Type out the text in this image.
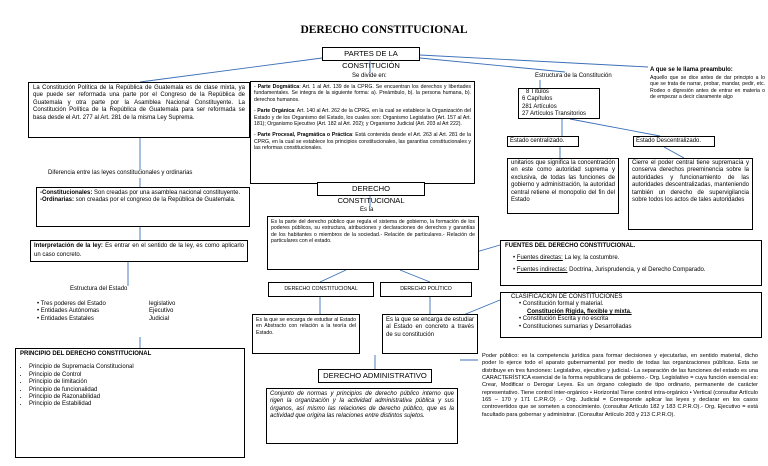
DERECHO CONSTITUCIONAL
PARTES DE LA CONSTITUCIÓN
Se divide en:	Estructura de la Constitución
A que se le llama preambulo:
Aquello que se dice antes de dar principio a lo que se trata de narrar, probar, mandar, pedir, etc. Rodeo o digresión antes de entrar en materia o de empezar a decir claramente algo
La Constitución Política de la República de Guatemala es de clase mixta, ya que puede ser reformada una parte por el Congreso de la República de Guatemala y otra parte por la Asamblea Nacional Constituyente. La Constitución Política de la República de Guatemala para ser reformada se basa desde el Art. 277 al Art. 281 de la misma Ley Suprema.
- Parte Dogmática: Art. 1 al Art. 139 de la CPRG. Se encuentran los derechos y libertades fundamentales. Se integra de la siguiente forma: a). Preámbulo, b). la persona humana, b). derechos humanos.
- Parte Orgánica: Art. 140 al Art. 262 de la CPRG, en la cual se establece la Organización del Estado y de los Organismo del Estado, los cuales son: Organismo Legislativo (Art. 157 al Art. 181); Organismo Ejecutivo (Art. 182 al Art. 202); y Organismo Judicial (Art. 203 al Art 222).
- Parte Procesal, Pragmática o Práctica: Está contenida desde el Art. 263 al Art. 281 de la CPRG, en la cual se establece los principios constitucionales, las garantías constitucionales y las reformas constitucionales.
8 Títulos
6 Capítulos
281 Artículos
27 Artículos Transitorios
Estado centralizado.	Estado Descentralizado.
unitarios que significa la concentración en este como autoridad suprema y exclusiva, de todas las funciones de gobierno y administración, la autoridad central retiene el monopolio del fin del Estado
Cierre el poder central tiene supremacía y conserva derechos preeminencia sobre la autoridades y funcionamiento de las autoridades descentralizadas, manteniendo también un derecho de supervigilancia sobre todos los actos de tales autoridades
Diferencia entre las leyes constitucionales y ordinarias
-Constitucionales: Son creadas por una asamblea nacional constituyente.
-Ordinarias: son creadas por el congreso de la República de Guatemala.
Interpretación de la ley: Es entrar en el sentido de la ley, es como aplicarlo un caso concreto.
Estructura del Estado
• Tres poderes del Estado	legislativo
• Entidades Autónomas	Ejecutivo
• Entidades Estatales	Judicial
PRINCIPIO DEL DERECHO CONSTITUCIONAL
• Principio de Supremacía Constitucional
• Principio de Control
• Principio de limitación
• Principio de funcionalidad
• Principio de Razonabilidad
• Principio de Estabilidad
DERECHO CONSTITUCIONAL
Es la
Es la parte del derecho público que regula el sistema de gobierno, la formación de los poderes públicos, su estructura, atribuciones y declaraciones de derechos y garantías de los habitantes o miembros de la sociedad.- Relación de particulares.- Relación de particulares con el estado.
DERECHO CONSTITUCIONAL	DERECHO POLÍTICO
Es la que se encarga de estudiar al Estado en Abstracto con relación a la teoría del Estado.
Es la que se encarga de estudiar al Estado en concreto a través de su constitución
DERECHO ADMINISTRATIVO
Conjunto de normas y principios de derecho público interno que rigen la organización y la actividad administrativa pública y sus órganos, así mismo las relaciones de derecho público, que es la actividad que origina las relaciones entre distintos sujetos.
FUENTES DEL DERECHO CONSTITUCIONAL.
• Fuentes directas: La ley, la costumbre.
• Fuentes indirectas: Doctrina, Jurisprudencia, y el Derecho Comparado.
CLASIFICACION DE CONSTITUCIONES
• Constitución formal y material.
Constitución Rígida, flexible y mixta.
• Constitución Escrita y no escrita
• Constituciones sumarias y Desarrolladas
Poder público: es la competencia jurídica para formar decisiones y ejecutarlas, en sentido material, dicho poder lo ejerce todo el aparato gubernamental por medio de todas las organizaciones públicas. Esta se distribuye en tres funciones: Legislativo, ejecutivo y judicial.- La separación de las funciones del estado es una CARACTERÍSTICA esencial de la forma republicana de gobierno.- Org. Legislativo = cuya función esencial es: Crear, Modificar o Derogar Leyes. Es un órgano colegiado de tipo ordinario, permanente de carácter representativo. Tiene control inter-orgánico • Horizontal Tiene control intra-orgánico • Vertical (consultar Artículo 165 – 170 y 171 C.P.R.O) .- Org. Judicial = Corresponde aplicar las leyes y declarar en los casos controvertidos que se someten a conocimiento. (consultar Artículo 182 y 183 C.P.R.O).- Org. Ejecutivo = está facultado para gobernar y administrar. (Consultar Artículo 203 y 213 C.P.R.O).
